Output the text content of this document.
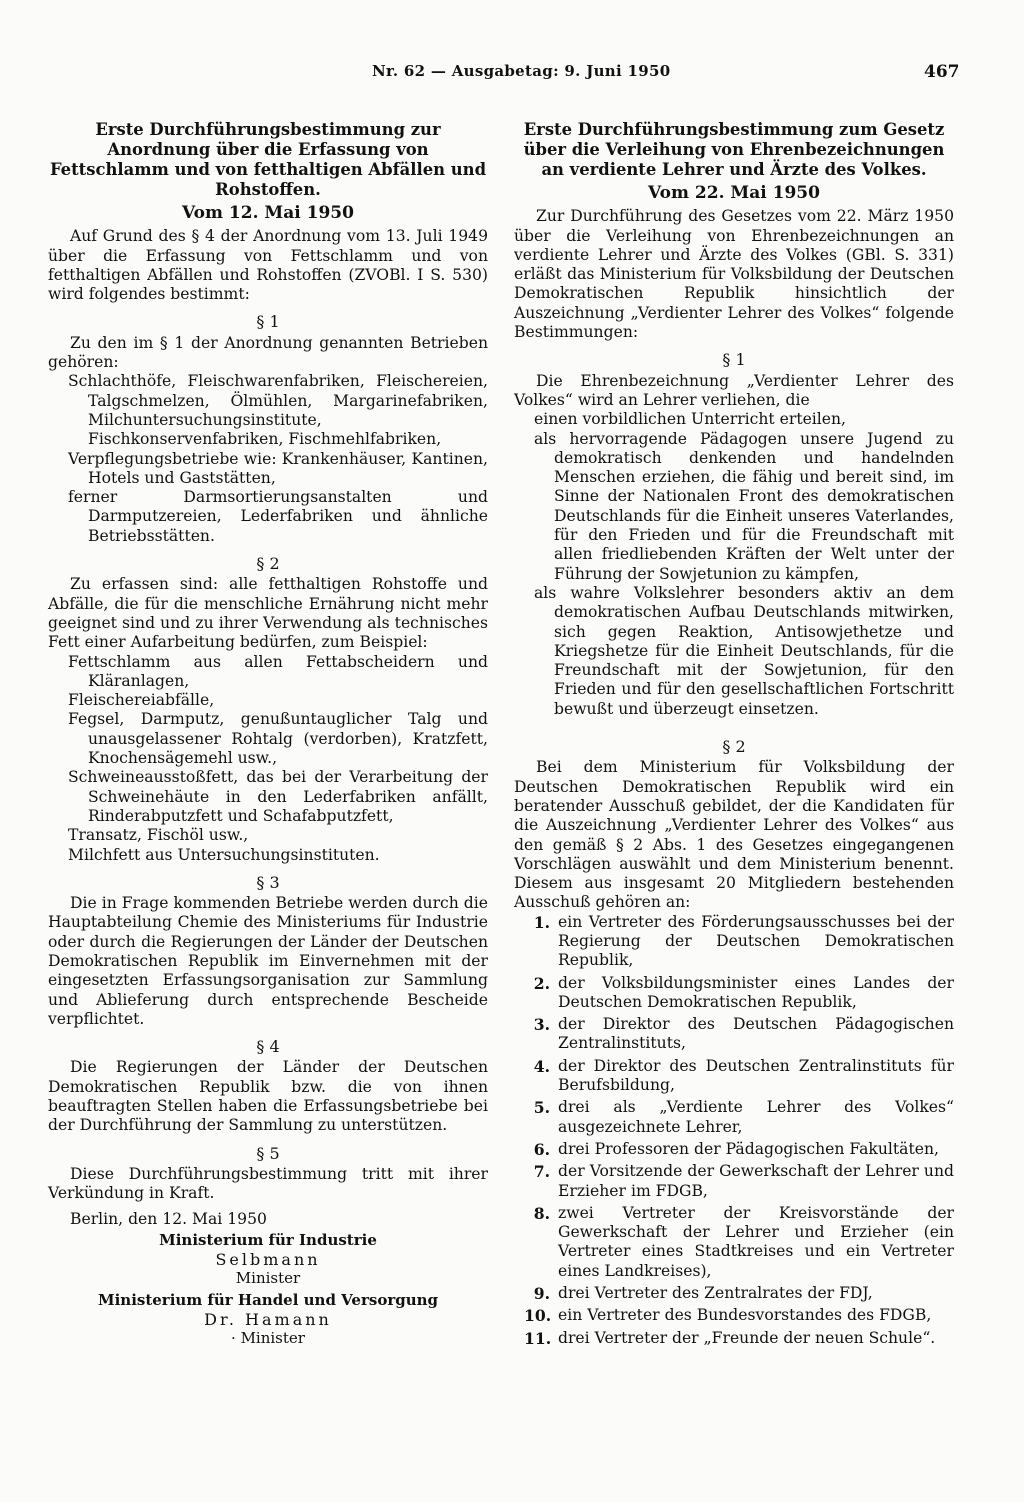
Nr. 62 — Ausgabetag: 9. Juni 1950	467
Erste Durchführungsbestimmung zur Anordnung über die Erfassung von Fettschlamm und von fetthaltigen Abfällen und Rohstoffen.
Vom 12. Mai 1950

Auf Grund des § 4 der Anordnung vom 13. Juli 1949 über die Erfassung von Fettschlamm und von fetthaltigen Abfällen und Rohstoffen (ZVOBl. I S. 530) wird folgendes bestimmt:

§ 1

Zu den im § 1 der Anordnung genannten Betrieben gehören:

Schlachthöfe, Fleischwarenfabriken, Fleischereien, Talgschmelzen, Ölmühlen, Margarinefabriken, Milchuntersuchungsinstitute, Fischkonservenfabriken, Fischmehlfabriken,
Verpflegungsbetriebe wie: Krankenhäuser, Kantinen, Hotels und Gaststätten,
ferner Darmsortierungsanstalten und Darmputzereien, Lederfabriken und ähnliche Betriebsstätten.
§ 2

Zu erfassen sind: alle fetthaltigen Rohstoffe und Abfälle, die für die menschliche Ernährung nicht mehr geeignet sind und zu ihrer Verwendung als technisches Fett einer Aufarbeitung bedürfen, zum Beispiel:

Fettschlamm aus allen Fettabscheidern und Kläranlagen,
Fleischereiabfälle,
Fegsel, Darmputz, genußuntauglicher Talg und unausgelassener Rohtalg (verdorben), Kratzfett, Knochensägemehl usw.,
Schweineausstoßfett, das bei der Verarbeitung der Schweinehäute in den Lederfabriken anfällt, Rinderabputzfett und Schafabputzfett,
Transatz, Fischöl usw.,
Milchfett aus Untersuchungsinstituten.
§ 3

Die in Frage kommenden Betriebe werden durch die Hauptabteilung Chemie des Ministeriums für Industrie oder durch die Regierungen der Länder der Deutschen Demokratischen Republik im Einvernehmen mit der eingesetzten Erfassungsorganisation zur Sammlung und Ablieferung durch entsprechende Bescheide verpflichtet.

§ 4

Die Regierungen der Länder der Deutschen Demokratischen Republik bzw. die von ihnen beauftragten Stellen haben die Erfassungsbetriebe bei der Durchführung der Sammlung zu unterstützen.

§ 5

Diese Durchführungsbestimmung tritt mit ihrer Verkündung in Kraft.

Berlin, den 12. Mai 1950

Ministerium für Industrie
Selbmann
Minister
Ministerium für Handel und Versorgung
Dr. Hamann
· Minister
Erste Durchführungsbestimmung zum Gesetz über die Verleihung von Ehrenbezeichnungen an verdiente Lehrer und Ärzte des Volkes.
Vom 22. Mai 1950

Zur Durchführung des Gesetzes vom 22. März 1950 über die Verleihung von Ehrenbezeichnungen an verdiente Lehrer und Ärzte des Volkes (GBl. S. 331) erläßt das Ministerium für Volksbildung der Deutschen Demokratischen Republik hinsichtlich der Auszeichnung „Verdienter Lehrer des Volkes“ folgende Bestimmungen:

§ 1

Die Ehrenbezeichnung „Verdienter Lehrer des Volkes“ wird an Lehrer verliehen, die

einen vorbildlichen Unterricht erteilen,
als hervorragende Pädagogen unsere Jugend zu demokratisch denkenden und handelnden Menschen erziehen, die fähig und bereit sind, im Sinne der Nationalen Front des demokratischen Deutschlands für die Einheit unseres Vaterlandes, für den Frieden und für die Freundschaft mit allen friedliebenden Kräften der Welt unter der Führung der Sowjetunion zu kämpfen,
als wahre Volkslehrer besonders aktiv an dem demokratischen Aufbau Deutschlands mitwirken, sich gegen Reaktion, Antisowjethetze und Kriegshetze für die Einheit Deutschlands, für die Freundschaft mit der Sowjetunion, für den Frieden und für den gesellschaftlichen Fortschritt bewußt und überzeugt einsetzen.
§ 2

Bei dem Ministerium für Volksbildung der Deutschen Demokratischen Republik wird ein beratender Ausschuß gebildet, der die Kandidaten für die Auszeichnung „Verdienter Lehrer des Volkes“ aus den gemäß § 2 Abs. 1 des Gesetzes eingegangenen Vorschlägen auswählt und dem Ministerium benennt. Diesem aus insgesamt 20 Mitgliedern bestehenden Ausschuß gehören an:

1. ein Vertreter des Förderungsausschusses bei der Regierung der Deutschen Demokratischen Republik,
2. der Volksbildungsminister eines Landes der Deutschen Demokratischen Republik,
3. der Direktor des Deutschen Pädagogischen Zentralinstituts,
4. der Direktor des Deutschen Zentralinstituts für Berufsbildung,
5. drei als „Verdiente Lehrer des Volkes“ ausgezeichnete Lehrer,
6. drei Professoren der Pädagogischen Fakultäten,
7. der Vorsitzende der Gewerkschaft der Lehrer und Erzieher im FDGB,
8. zwei Vertreter der Kreisvorstände der Gewerkschaft der Lehrer und Erzieher (ein Vertreter eines Stadtkreises und ein Vertreter eines Landkreises),
9. drei Vertreter des Zentralrates der FDJ,
10. ein Vertreter des Bundesvorstandes des FDGB,
11. drei Vertreter der „Freunde der neuen Schule“.
